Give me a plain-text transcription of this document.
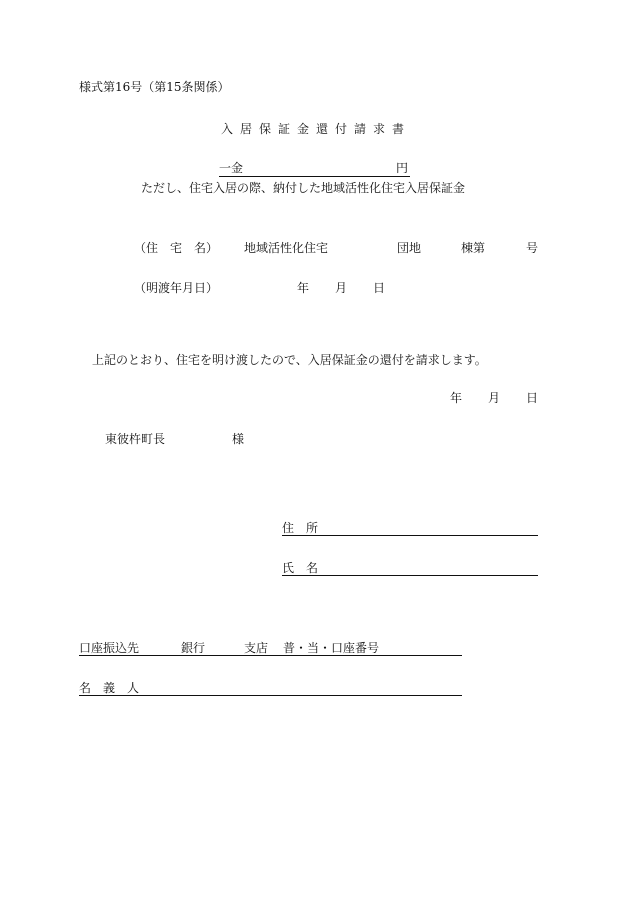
様式第16号（第15条関係）
入居保証金還付請求書
一金	円
ただし、住宅入居の際、納付した地域活性化住宅入居保証金
（住　宅　名） 地域活性化住宅	団地	棟第	号
（明渡年月日）	年 月 日
上記のとおり、住宅を明け渡したので、入居保証金の還付を請求します。
年 月 日
東彼杵町長	様
住　所
氏　名
口座振込先	銀行	支店 普・当・口座番号
名　義　人
